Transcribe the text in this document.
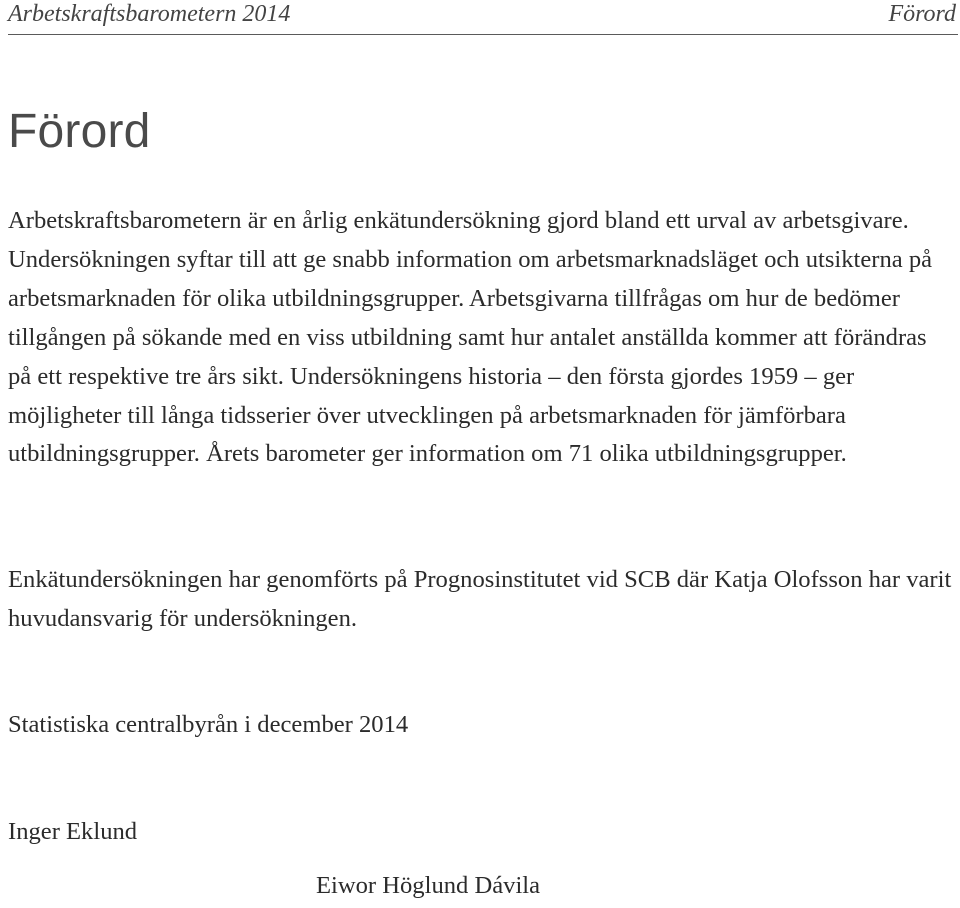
Arbetskraftsbarometern 2014	Förord
Förord

Arbetskraftsbarometern är en årlig enkätundersökning gjord bland ett urval av arbetsgivare. Undersökningen syftar till att ge snabb information om arbetsmarknadsläget och utsikterna på arbetsmarknaden för olika utbildningsgrupper. Arbetsgivarna tillfrågas om hur de bedömer tillgången på sökande med en viss utbildning samt hur antalet anställda kommer att förändras på ett respektive tre års sikt. Undersökningens historia – den första gjordes 1959 – ger möjligheter till långa tidsserier över utvecklingen på arbetsmarknaden för jämförbara utbildningsgrupper. Årets barometer ger information om 71 olika utbildningsgrupper.

Enkätundersökningen har genomförts på Prognosinstitutet vid SCB där Katja Olofsson har varit huvudansvarig för undersökningen.

Statistiska centralbyrån i december 2014

Inger Eklund

Eiwor Höglund Dávila
